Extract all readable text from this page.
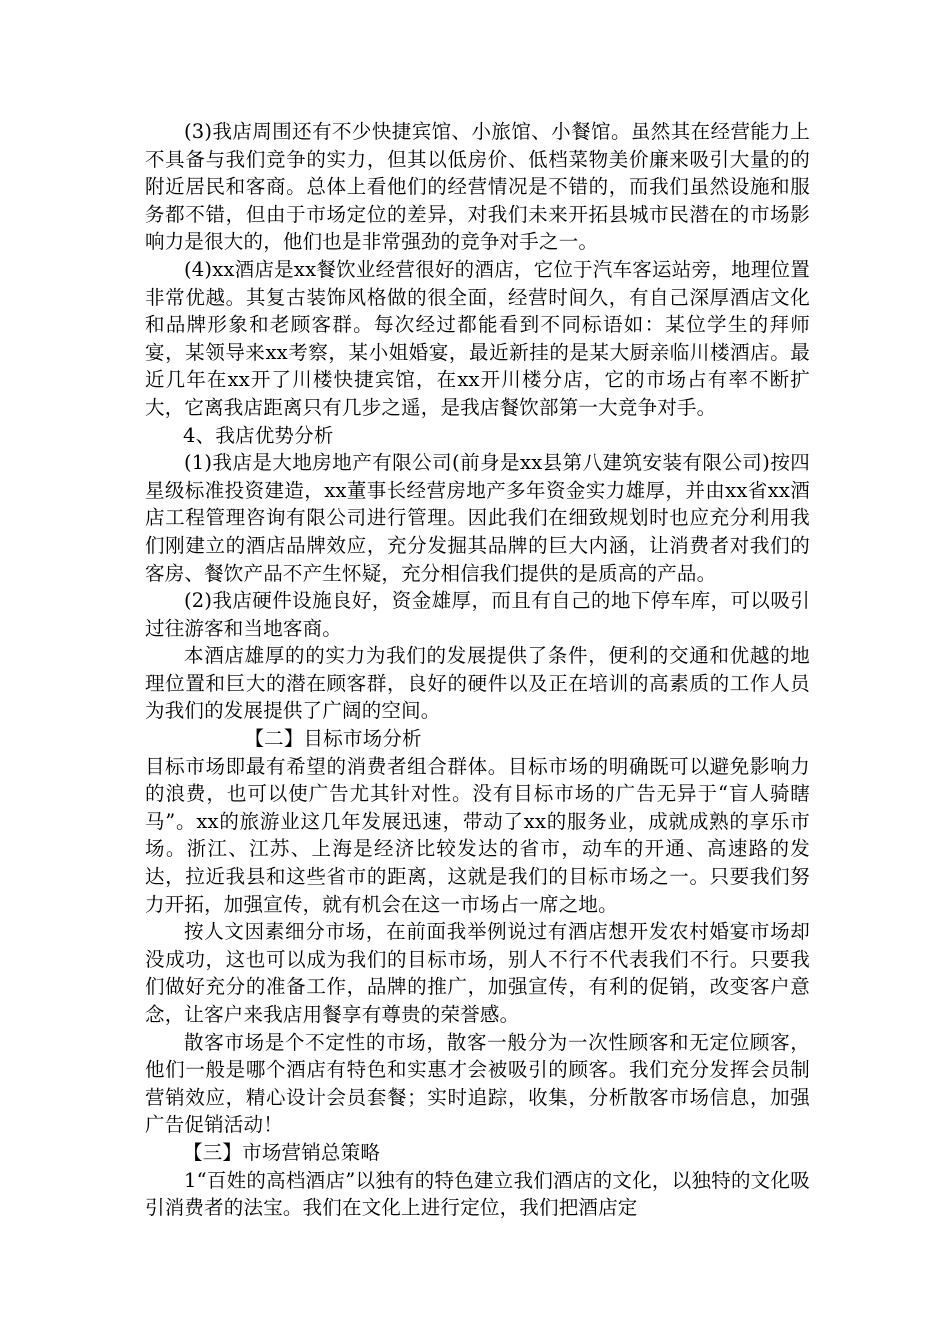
(3)我店周围还有不少快捷宾馆、小旅馆、小餐馆。虽然其在经营能力上不具备与我们竞争的实力，但其以低房价、低档菜物美价廉来吸引大量的的附近居民和客商。总体上看他们的经营情况是不错的，而我们虽然设施和服务都不错，但由于市场定位的差异，对我们未来开拓县城市民潜在的市场影响力是很大的，他们也是非常强劲的竞争对手之一。

(4)xx酒店是xx餐饮业经营很好的酒店，它位于汽车客运站旁，地理位置非常优越。其复古装饰风格做的很全面，经营时间久，有自己深厚酒店文化和品牌形象和老顾客群。每次经过都能看到不同标语如：某位学生的拜师宴，某领导来xx考察，某小姐婚宴，最近新挂的是某大厨亲临川楼酒店。最近几年在xx开了川楼快捷宾馆，在xx开川楼分店，它的市场占有率不断扩大，它离我店距离只有几步之遥，是我店餐饮部第一大竞争对手。

4、我店优势分析

(1)我店是大地房地产有限公司(前身是xx县第八建筑安装有限公司)按四星级标准投资建造，xx董事长经营房地产多年资金实力雄厚，并由xx省xx酒店工程管理咨询有限公司进行管理。因此我们在细致规划时也应充分利用我们刚建立的酒店品牌效应，充分发掘其品牌的巨大内涵，让消费者对我们的客房、餐饮产品不产生怀疑，充分相信我们提供的是质高的产品。

(2)我店硬件设施良好，资金雄厚，而且有自己的地下停车库，可以吸引过往游客和当地客商。

本酒店雄厚的的实力为我们的发展提供了条件，便利的交通和优越的地理位置和巨大的潜在顾客群，良好的硬件以及正在培训的高素质的工作人员为我们的发展提供了广阔的空间。

【二】目标市场分析

目标市场即最有希望的消费者组合群体。目标市场的明确既可以避免影响力的浪费，也可以使广告尤其针对性。没有目标市场的广告无异于“盲人骑瞎马”。xx的旅游业这几年发展迅速，带动了xx的服务业，成就成熟的享乐市场。浙江、江苏、上海是经济比较发达的省市，动车的开通、高速路的发达，拉近我县和这些省市的距离，这就是我们的目标市场之一。只要我们努力开拓，加强宣传，就有机会在这一市场占一席之地。

按人文因素细分市场，在前面我举例说过有酒店想开发农村婚宴市场却没成功，这也可以成为我们的目标市场，别人不行不代表我们不行。只要我们做好充分的准备工作，品牌的推广，加强宣传，有利的促销，改变客户意念，让客户来我店用餐享有尊贵的荣誉感。

散客市场是个不定性的市场，散客一般分为一次性顾客和无定位顾客，他们一般是哪个酒店有特色和实惠才会被吸引的顾客。我们充分发挥会员制营销效应，精心设计会员套餐；实时追踪，收集，分析散客市场信息，加强广告促销活动！

【三】市场营销总策略

1“百姓的高档酒店”以独有的特色建立我们酒店的文化，以独特的文化吸引消费者的法宝。我们在文化上进行定位，我们把酒店定
